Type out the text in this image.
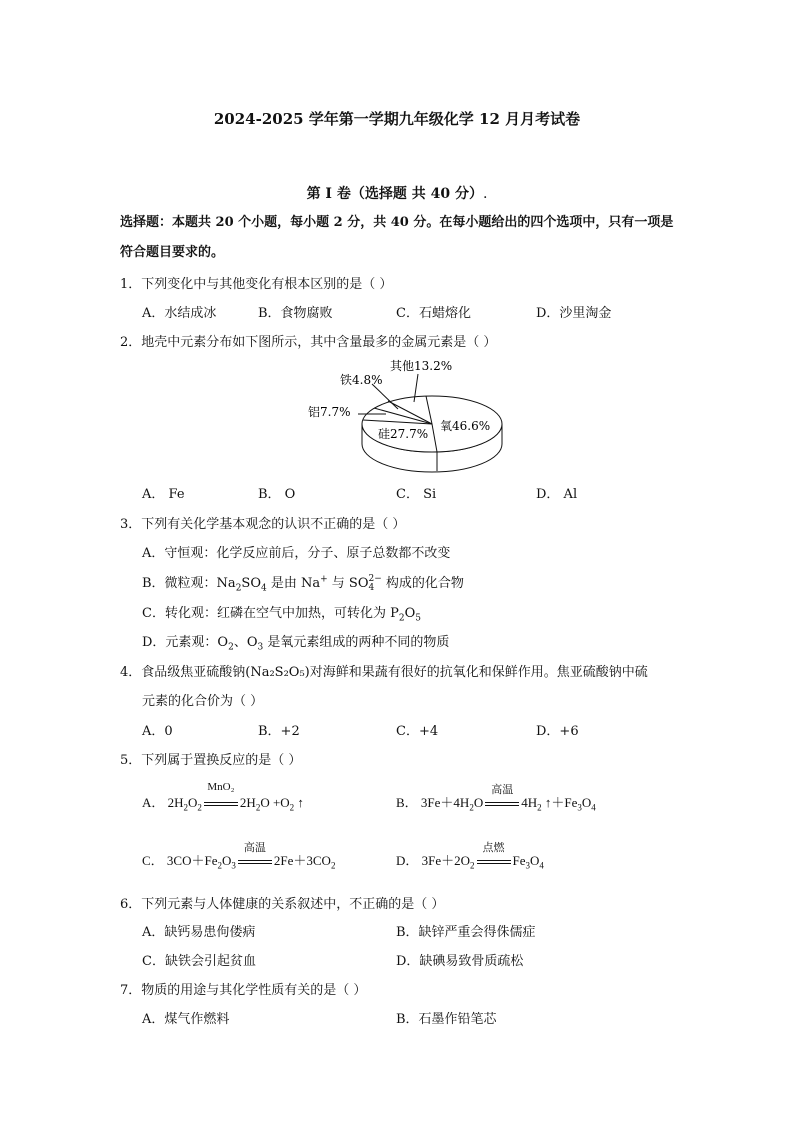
2024-2025 学年第一学期九年级化学 12 月月考试卷
第 I 卷（选择题 共 40 分）.
选择题：本题共 20 个小题，每小题 2 分，共 40 分。在每小题给出的四个选项中，只有一项是符合题目要求的。
1．下列变化中与其他变化有根本区别的是（ ）
A．水结成冰	B．食物腐败	C．石蜡熔化	D．沙里淘金
2．地壳中元素分布如下图所示，其中含量最多的金属元素是（ ）
其他13.2%
铁4.8%
铝7.7%
硅27.7%
氧46.6%
A． Fe	B． O	C． Si	D． Al
3．下列有关化学基本观念的认识不正确的是（ ）
A．守恒观：化学反应前后，分子、原子总数都不改变
B．微粒观：$Na_2SO_4$ 是由 Na+ 与 SO 2−
4 构成的化合物
C．转化观：红磷在空气中加热，可转化为 $P_2O_5$
D．元素观：$O_2$、$O_3$ 是氧元素组成的两种不同的物质
4．食品级焦亚硫酸钠(Na₂S₂O₅)对海鲜和果蔬有很好的抗氧化和保鲜作用。焦亚硫酸钠中硫
元素的化合价为（ ）
A．0	B．+2	C．+4	D．+6
5．下列属于置换反应的是（ ）
A． $2H_2O_2$
MnO₂
$2H_2O +O_2$ ↑	B． $3Fe+4H_2O$
高温
$4H_2$ $↑+Fe_3O_4$
C． $3CO+Fe_2O_3$
高温
$2Fe+3CO_2$	D． $3Fe+2O_2$
点燃
$Fe_3O_4$
6．下列元素与人体健康的关系叙述中，不正确的是（ ）
A．缺钙易患佝偻病	B．缺锌严重会得侏儒症
C．缺铁会引起贫血	D．缺碘易致骨质疏松
7．物质的用途与其化学性质有关的是（ ）
A．煤气作燃料	B．石墨作铅笔芯
